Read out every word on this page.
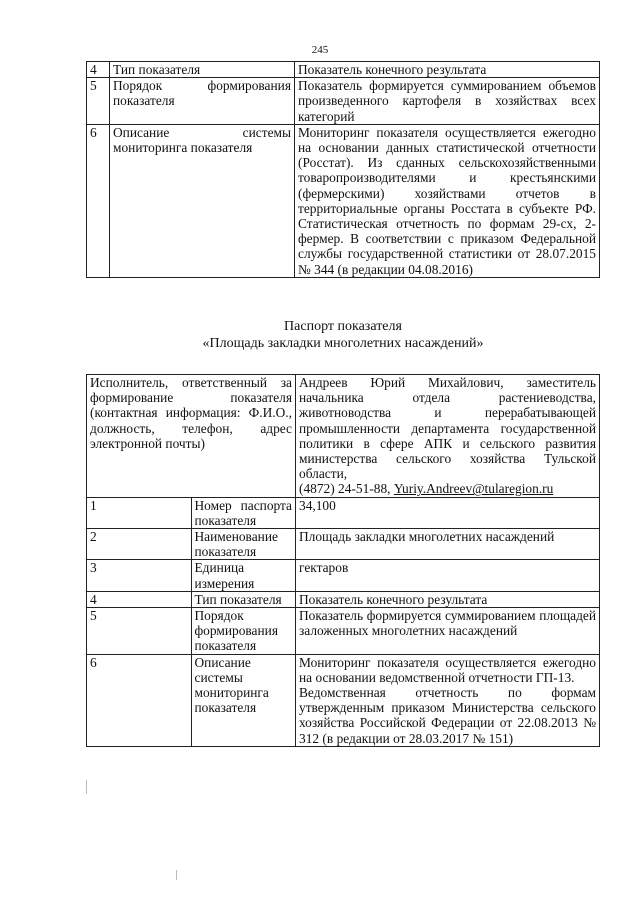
245
4	Тип показателя	Показатель конечного результата
5	Порядок формирования показателя	Показатель формируется суммированием объемов произведенного картофеля в хозяйствах всех категорий
6	Описание системы мониторинга показателя	Мониторинг показателя осуществляется ежегодно на основании данных статистической отчетности (Росстат). Из сданных сельскохозяйственными товаропроизводителями и крестьянскими (фермерскими) хозяйствами отчетов в территориальные органы Росстата в субъекте РФ. Статистическая отчетность по формам 29-сх, 2-фермер. В соответствии с приказом Федеральной службы государственной статистики от 28.07.2015 № 344 (в редакции 04.08.2016)
Паспорт показателя
«Площадь закладки многолетних насаждений»
Исполнитель, ответственный за формирование показателя (контактная информация: Ф.И.О., должность, телефон, адрес электронной почты)		Андреев Юрий Михайлович, заместитель начальника отдела растениеводства, животноводства и перерабатывающей промышленности департамента государственной политики в сфере АПК и сельского развития министерства сельского хозяйства Тульской области,
(4872) 24-51-88, Yuriy.Andreev@tularegion.ru
1	Номер паспорта показателя	34,100
2	Наименование показателя	Площадь закладки многолетних насаждений
3	Единица измерения	гектаров
4	Тип показателя	Показатель конечного результата
5	Порядок формирования показателя	Показатель формируется суммированием площадей заложенных многолетних насаждений
6	Описание системы мониторинга показателя	Мониторинг показателя осуществляется ежегодно на основании ведомственной отчетности ГП-13.
Ведомственная отчетность по формам утвержденным приказом Министерства сельского хозяйства Российской Федерации от 22.08.2013 № 312 (в редакции от 28.03.2017 № 151)
